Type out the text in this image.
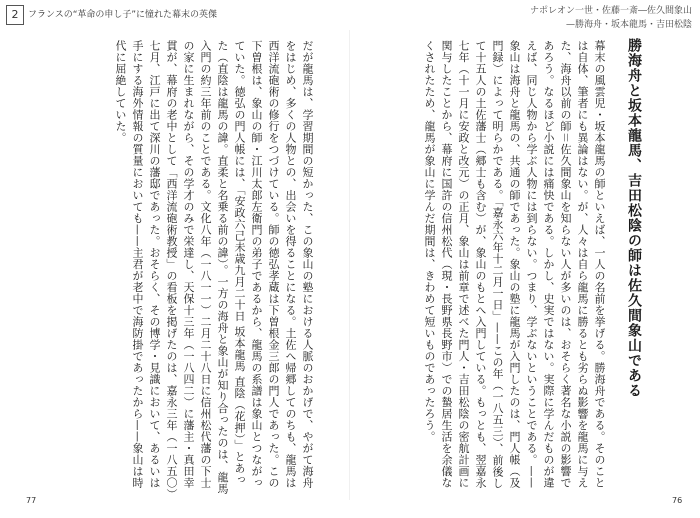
2	フランスの“革命の申し子”に憧れた幕末の英傑	ナポレオン一世・佐藤一斎―佐久間象山
—勝海舟・坂本龍馬・吉田松陰
勝海舟と坂本龍馬、吉田松陰の師は佐久間象山である
幕末の風雲児・坂本龍馬の師といえば、一人の名前を挙げる。勝海舟である。そのことは自体、筆者にも異論はない。が、人々は自ら龍馬に勝るとも劣らぬ影響を龍馬に与えた、海舟以前の師＝佐久間象山を知らない人が多いのは、おそらく著名な小説の影響であろう。なるほど小説には痛快である。しかし、史実ではない。実際に学んだものが違えば、同じ人物から学ぶ人物には到らない。つまり、学ぶないということである。——象山は海舟と龍馬の、共通の師であった。象山の塾に龍馬が入門したのは、門人帳（及門録）によって明らかである。「嘉永六年十二月一日」——この年（一八五三）、前後して十五人の土佐藩士（郷士も含む）が、象山のもとへ入門している。もっとも、翌嘉永七年（十一月に安政と改元）の正月、象山は前章で述べた門人・吉田松陰の密航計画に関与したことから、幕府に国許の信州松代（現・長野県長野市）での蟄居生活を余儀なくされたため、龍馬が象山に学んだ期間は、きわめて短いものであったろう。
76
だが龍馬は、学習期間の短かった、この象山の塾における人脈のおかげで、やがて海舟をはじめ、多くの人物との、出会いを得ることになる。土佐へ帰郷してのちも、龍馬は西洋流砲術の修行をつづけている。師の徳弘孝蔵は下曽根金三郎の門人であった。この下曽根は、象山の師・江川太郎左衛門の弟子であるから、龍馬の系譜は象山とつながっていた。徳弘の門人帳には、「安政六己未歳九月二十日 坂本龍馬 直陰（花押）」とあった（直陰は龍馬の諱。直柔と名乗る前の諱）。一方の海舟と象山が知り合ったのは、龍馬入門の約三年前のことである。文化八年（一八一一）二月二十八日に信州松代藩の下士の家に生まれながら、その学才のみで栄達し、天保十三年（一八四二）に藩主・真田幸貫が、幕府の老中として「西洋流砲術教授」の看板を掲げたのは、嘉永三年（一八五〇）七月、江戸に出て深川の藩邸であった。おそらく、その博学・見識において、あるいは手にする海外情報の質量においても——主君が老中で海防掛であったから——象山は時代に屈絶していた。
77
